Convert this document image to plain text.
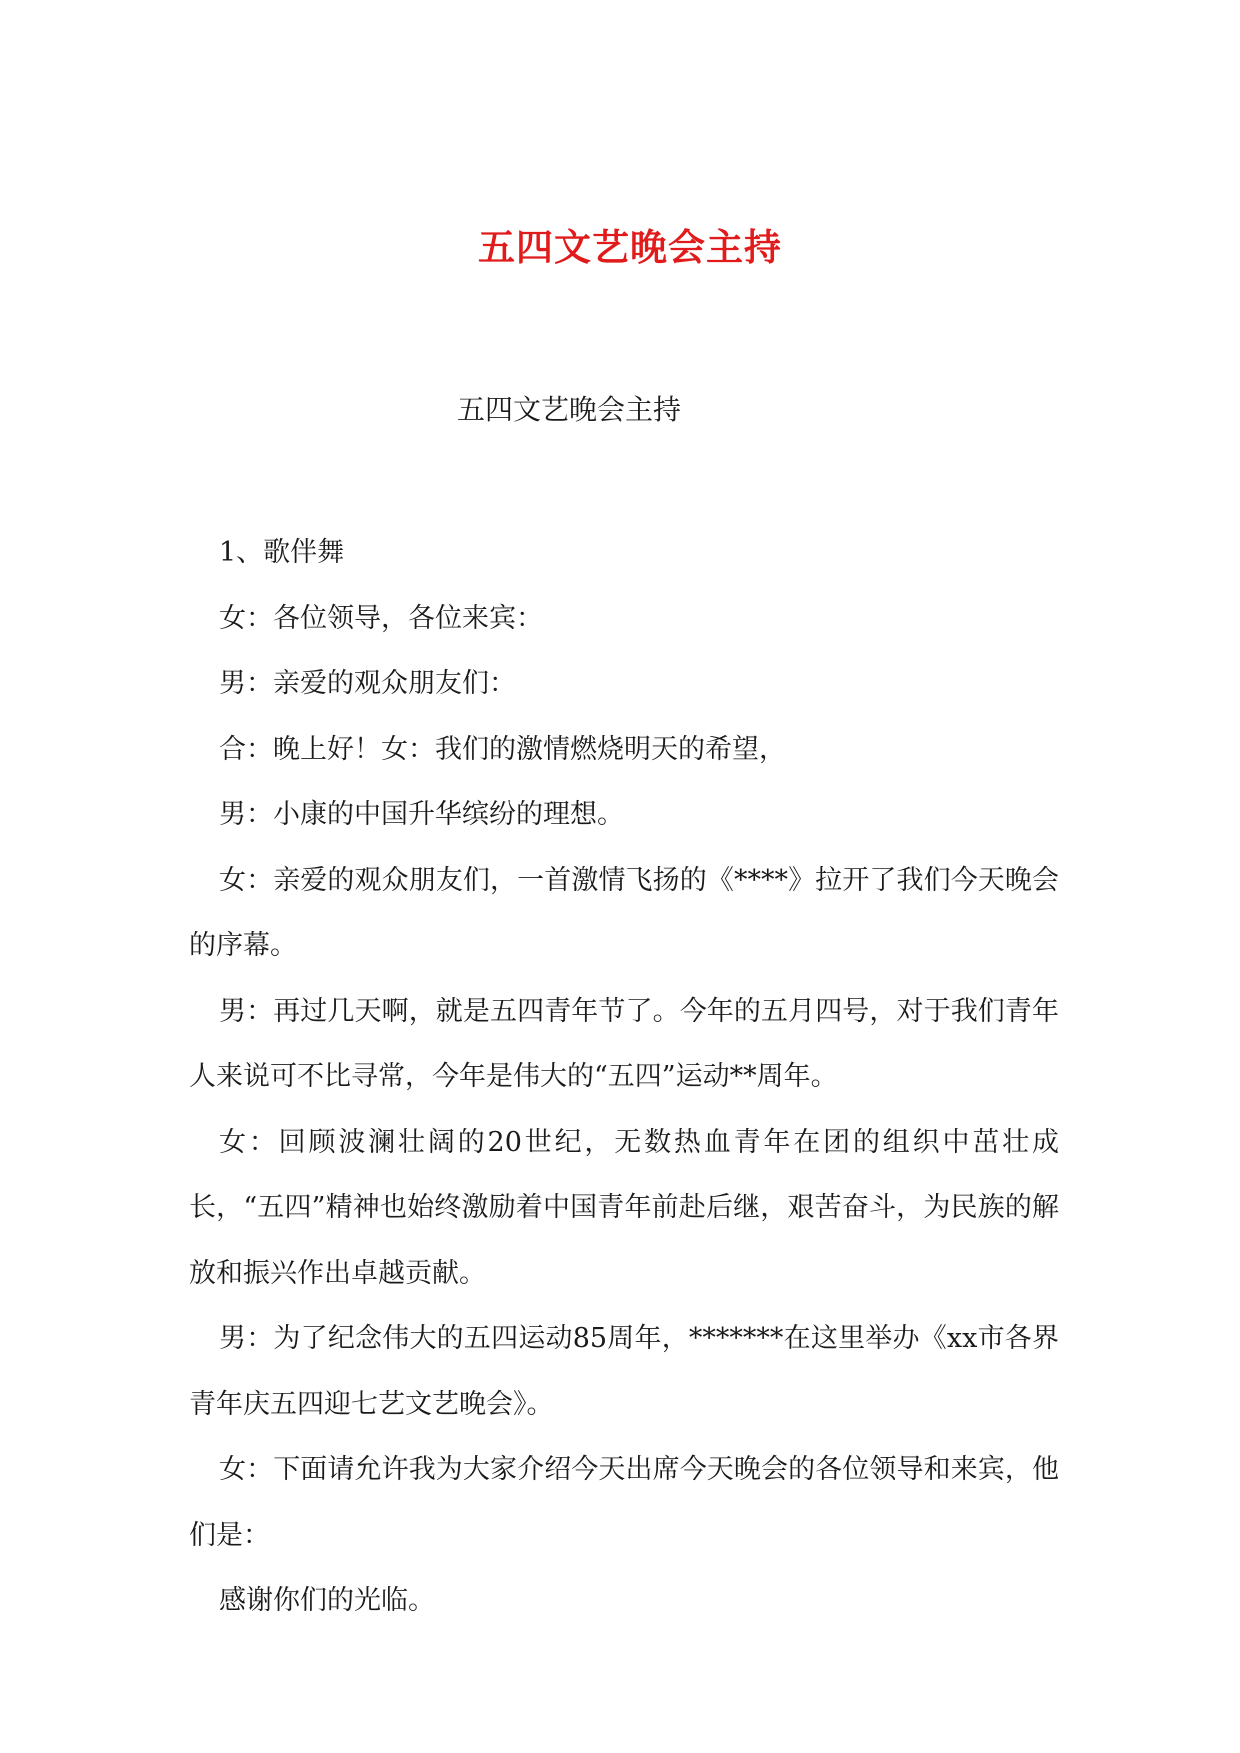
五四文艺晚会主持
五四文艺晚会主持

1、歌伴舞

女：各位领导，各位来宾：

男：亲爱的观众朋友们：

合：晚上好！女：我们的激情燃烧明天的希望，

男：小康的中国升华缤纷的理想。

女：亲爱的观众朋友们，一首激情飞扬的《****》拉开了我们今天晚会的序幕。

男：再过几天啊，就是五四青年节了。今年的五月四号，对于我们青年人来说可不比寻常，今年是伟大的“五四”运动**周年。

女：回顾波澜壮阔的20世纪，无数热血青年在团的组织中茁壮成长，“五四”精神也始终激励着中国青年前赴后继，艰苦奋斗，为民族的解放和振兴作出卓越贡献。

男：为了纪念伟大的五四运动85周年，*******在这里举办《xx市各界青年庆五四迎七艺文艺晚会》。

女：下面请允许我为大家介绍今天出席今天晚会的各位领导和来宾，他们是：

感谢你们的光临。
